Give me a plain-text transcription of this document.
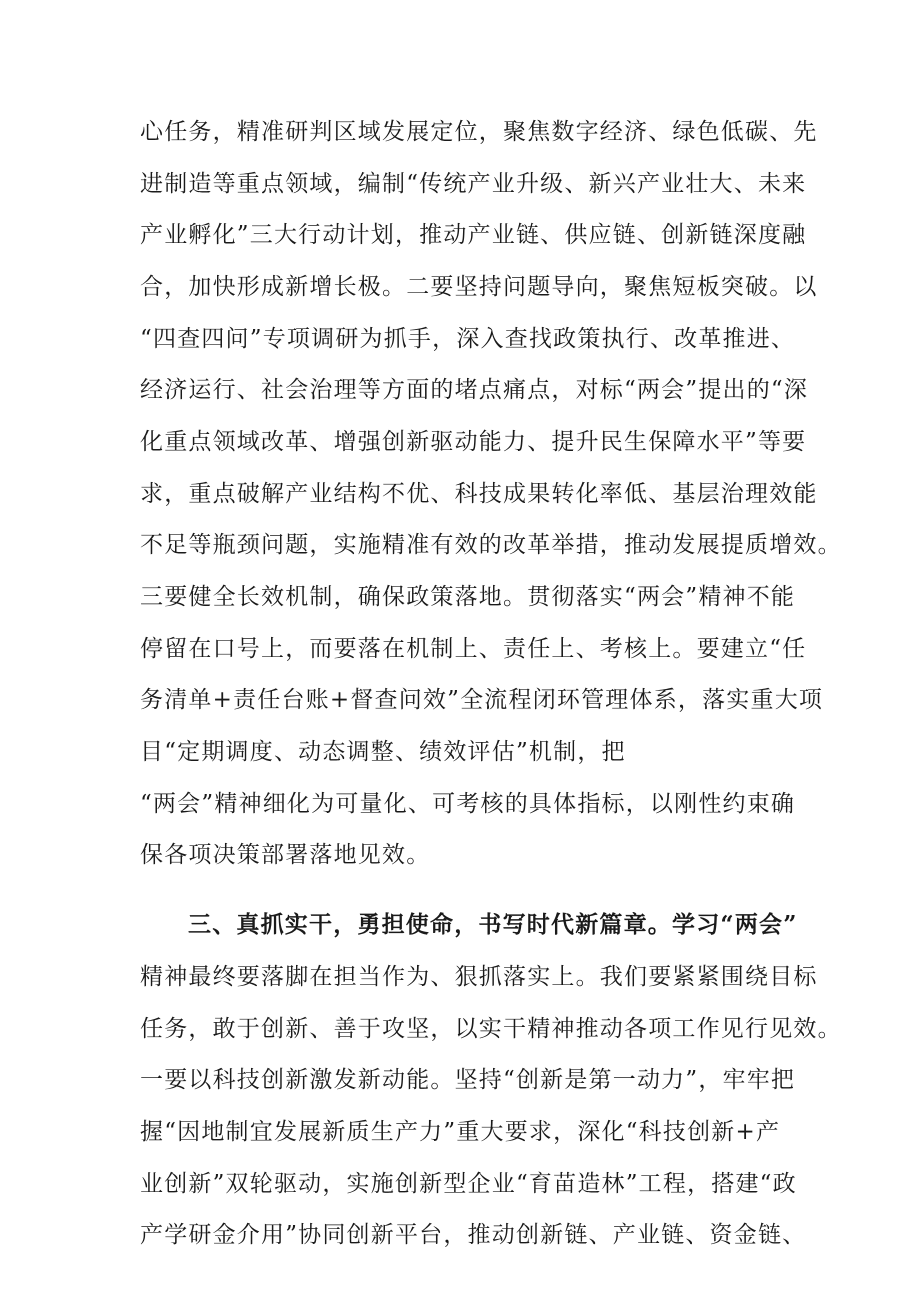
心任务，精准研判区域发展定位，聚焦数字经济、绿色低碳、先
进制造等重点领域，编制“传统产业升级、新兴产业壮大、未来
产业孵化”三大行动计划，推动产业链、供应链、创新链深度融
合，加快形成新增长极。二要坚持问题导向，聚焦短板突破。以
“四查四问”专项调研为抓手，深入查找政策执行、改革推进、
经济运行、社会治理等方面的堵点痛点，对标“两会”提出的“深
化重点领域改革、增强创新驱动能力、提升民生保障水平”等要
求，重点破解产业结构不优、科技成果转化率低、基层治理效能
不足等瓶颈问题，实施精准有效的改革举措，推动发展提质增效。
三要健全长效机制，确保政策落地。贯彻落实“两会”精神不能
停留在口号上，而要落在机制上、责任上、考核上。要建立“任
务清单+责任台账+督查问效”全流程闭环管理体系，落实重大项
目“定期调度、动态调整、绩效评估”机制，把
“两会”精神细化为可量化、可考核的具体指标，以刚性约束确
保各项决策部署落地见效。
三、真抓实干，勇担使命，书写时代新篇章。学习“两会”
精神最终要落脚在担当作为、狠抓落实上。我们要紧紧围绕目标
任务，敢于创新、善于攻坚，以实干精神推动各项工作见行见效。
一要以科技创新激发新动能。坚持“创新是第一动力”，牢牢把
握“因地制宜发展新质生产力”重大要求，深化“科技创新+产
业创新”双轮驱动，实施创新型企业“育苗造林”工程，搭建“政
产学研金介用”协同创新平台，推动创新链、产业链、资金链、
